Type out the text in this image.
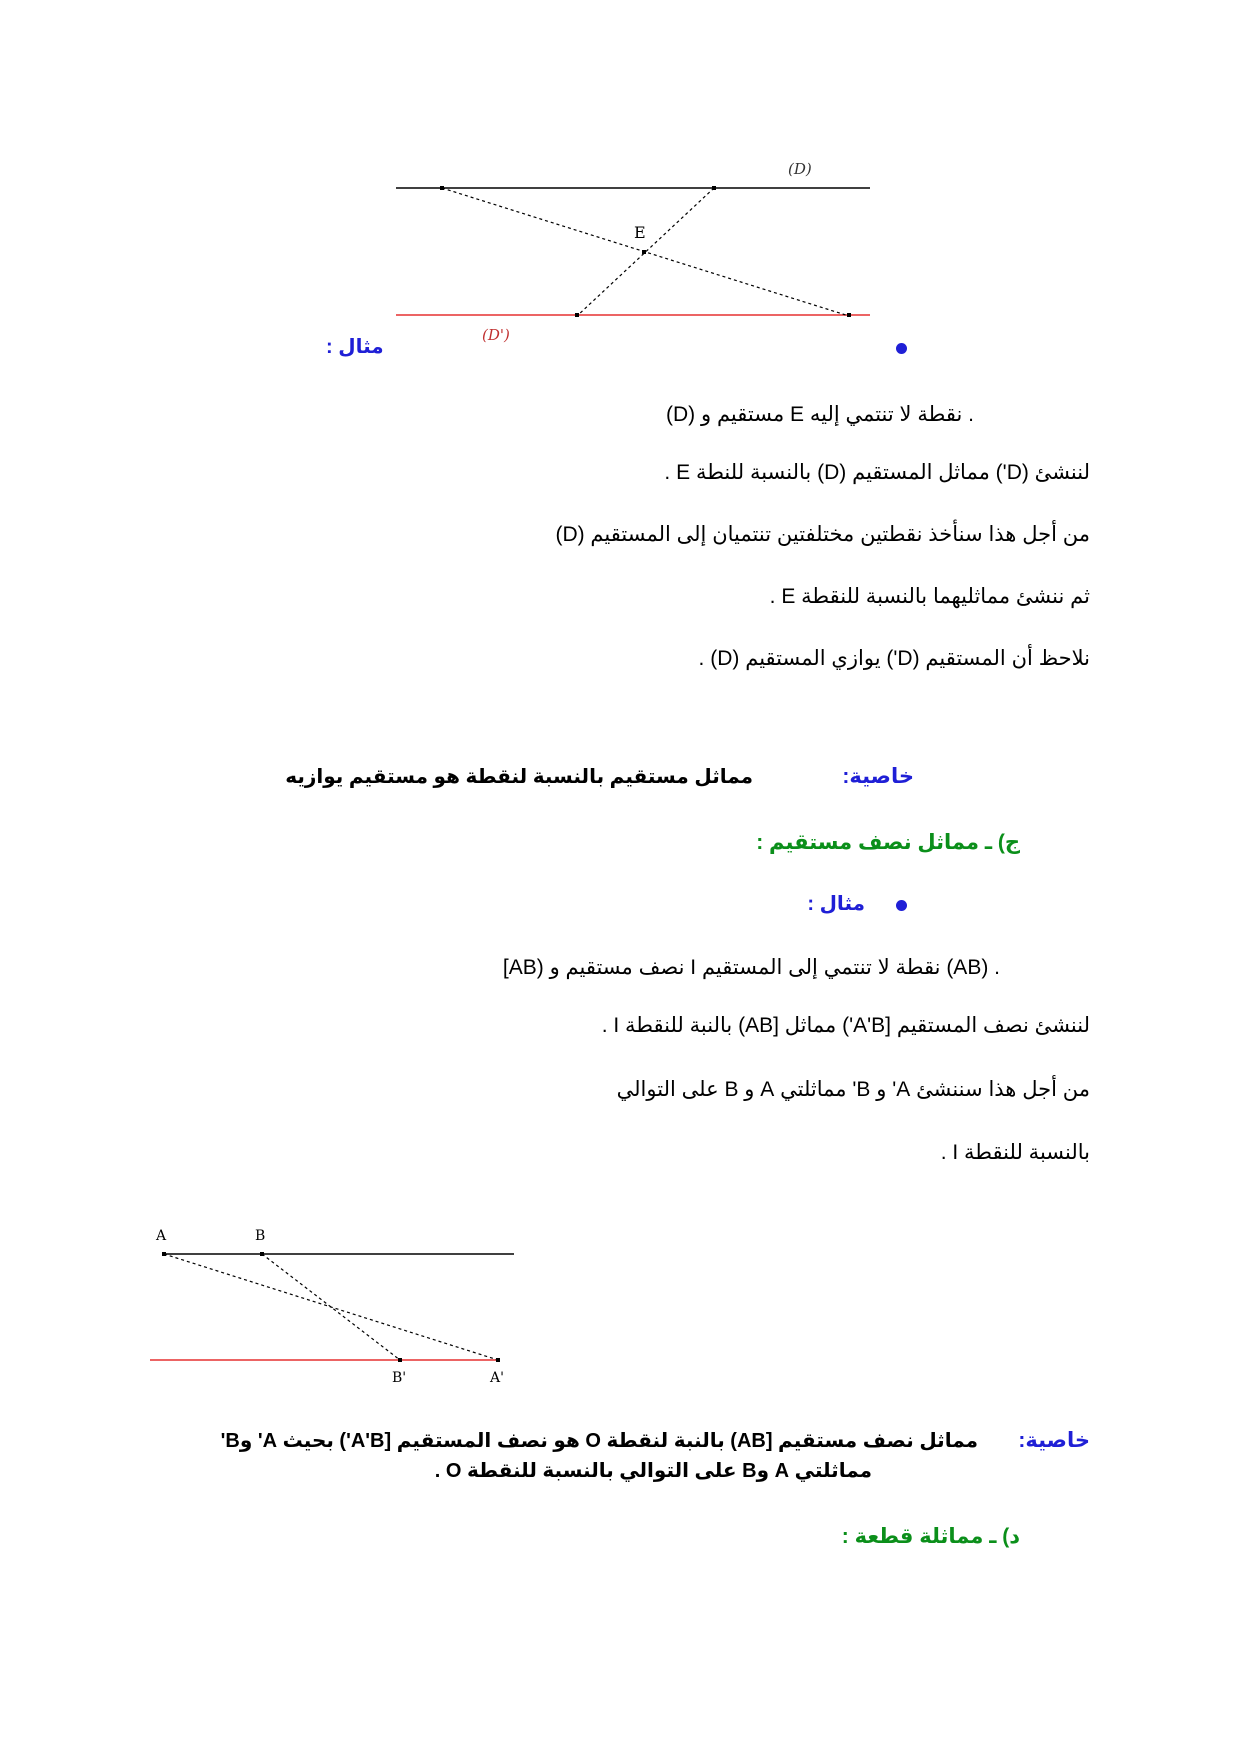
(D)
E
(D')
مثال :
(D) مستقيم و E نقطة لا تنتمي إليه .
لننشئ (D') مماثل المستقيم (D) بالنسبة للنطة E .
من أجل هذا سنأخذ نقطتين مختلفتين تنتميان إلى المستقيم (D)
ثم ننشئ مماثليهما بالنسبة للنقطة E .
نلاحظ أن المستقيم (D') يوازي المستقيم (D) .
خاصية:
مماثل مستقيم بالنسبة لنقطة هو مستقيم يوازيه
ج) ـ مماثل نصف مستقيم :
مثال :
[AB) نصف مستقيم و I نقطة لا تنتمي إلى المستقيم (AB) .
لننشئ نصف المستقيم [A'B') مماثل [AB) بالنبة للنقطة I .
من أجل هذا سننشئ A' و B' مماثلتي A و B على التوالي
بالنسبة للنقطة I .
A	B
B'	A'
خاصية:
مماثل نصف مستقيم [AB) بالنبة لنقطة O هو نصف المستقيم [A'B') بحيث A' وB'
مماثلتي A وB على التوالي بالنسبة للنقطة O .
د) ـ مماثلة قطعة :
